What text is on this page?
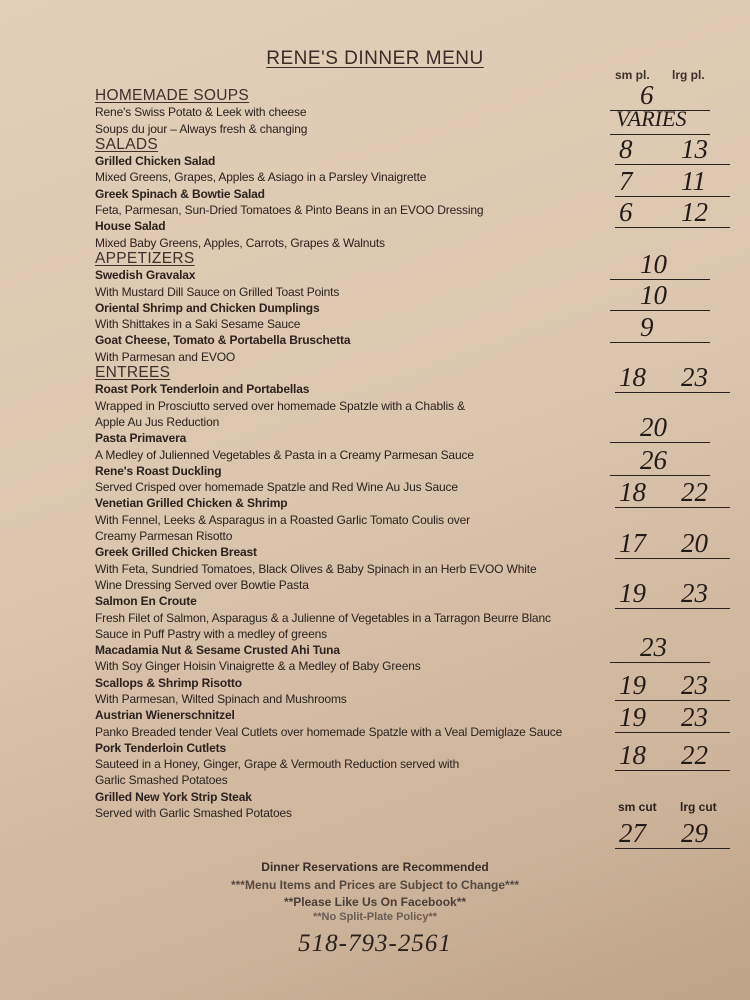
RENE'S DINNER MENU
sm pl. lrg pl.
HOMEMADE SOUPS
Rene's Swiss Potato & Leek with cheese
Soups du jour – Always fresh & changing
SALADS
Grilled Chicken Salad
Mixed Greens, Grapes, Apples & Asiago in a Parsley Vinaigrette
Greek Spinach & Bowtie Salad
Feta, Parmesan, Sun-Dried Tomatoes & Pinto Beans in an EVOO Dressing
House Salad
Mixed Baby Greens, Apples, Carrots, Grapes & Walnuts
APPETIZERS
Swedish Gravalax
With Mustard Dill Sauce on Grilled Toast Points
Oriental Shrimp and Chicken Dumplings
With Shittakes in a Saki Sesame Sauce
Goat Cheese, Tomato & Portabella Bruschetta
With Parmesan and EVOO
ENTREES
Roast Pork Tenderloin and Portabellas
Wrapped in Prosciutto served over homemade Spatzle with a Chablis &
Apple Au Jus Reduction
Pasta Primavera
A Medley of Julienned Vegetables & Pasta in a Creamy Parmesan Sauce
Rene's Roast Duckling
Served Crisped over homemade Spatzle and Red Wine Au Jus Sauce
Venetian Grilled Chicken & Shrimp
With Fennel, Leeks & Asparagus in a Roasted Garlic Tomato Coulis over
Creamy Parmesan Risotto
Greek Grilled Chicken Breast
With Feta, Sundried Tomatoes, Black Olives & Baby Spinach in an Herb EVOO White
Wine Dressing Served over Bowtie Pasta
Salmon En Croute
Fresh Filet of Salmon, Asparagus & a Julienne of Vegetables in a Tarragon Beurre Blanc
Sauce in Puff Pastry with a medley of greens
Macadamia Nut & Sesame Crusted Ahi Tuna
With Soy Ginger Hoisin Vinaigrette & a Medley of Baby Greens
Scallops & Shrimp Risotto
With Parmesan, Wilted Spinach and Mushrooms
Austrian Wienerschnitzel
Panko Breaded tender Veal Cutlets over homemade Spatzle with a Veal Demiglaze Sauce
Pork Tenderloin Cutlets
Sauteed in a Honey, Ginger, Grape & Vermouth Reduction served with
Garlic Smashed Potatoes
Grilled New York Strip Steak
Served with Garlic Smashed Potatoes
6
VARIES
8 13
7 11
6 12
10
10
9
18 23
20
26
18 22
17 20
19 23
23
19 23
19 23
18 22
27 29
sm cut lrg cut
Dinner Reservations are Recommended
***Menu Items and Prices are Subject to Change***
**Please Like Us On Facebook**
**No Split-Plate Policy**
518-793-2561
